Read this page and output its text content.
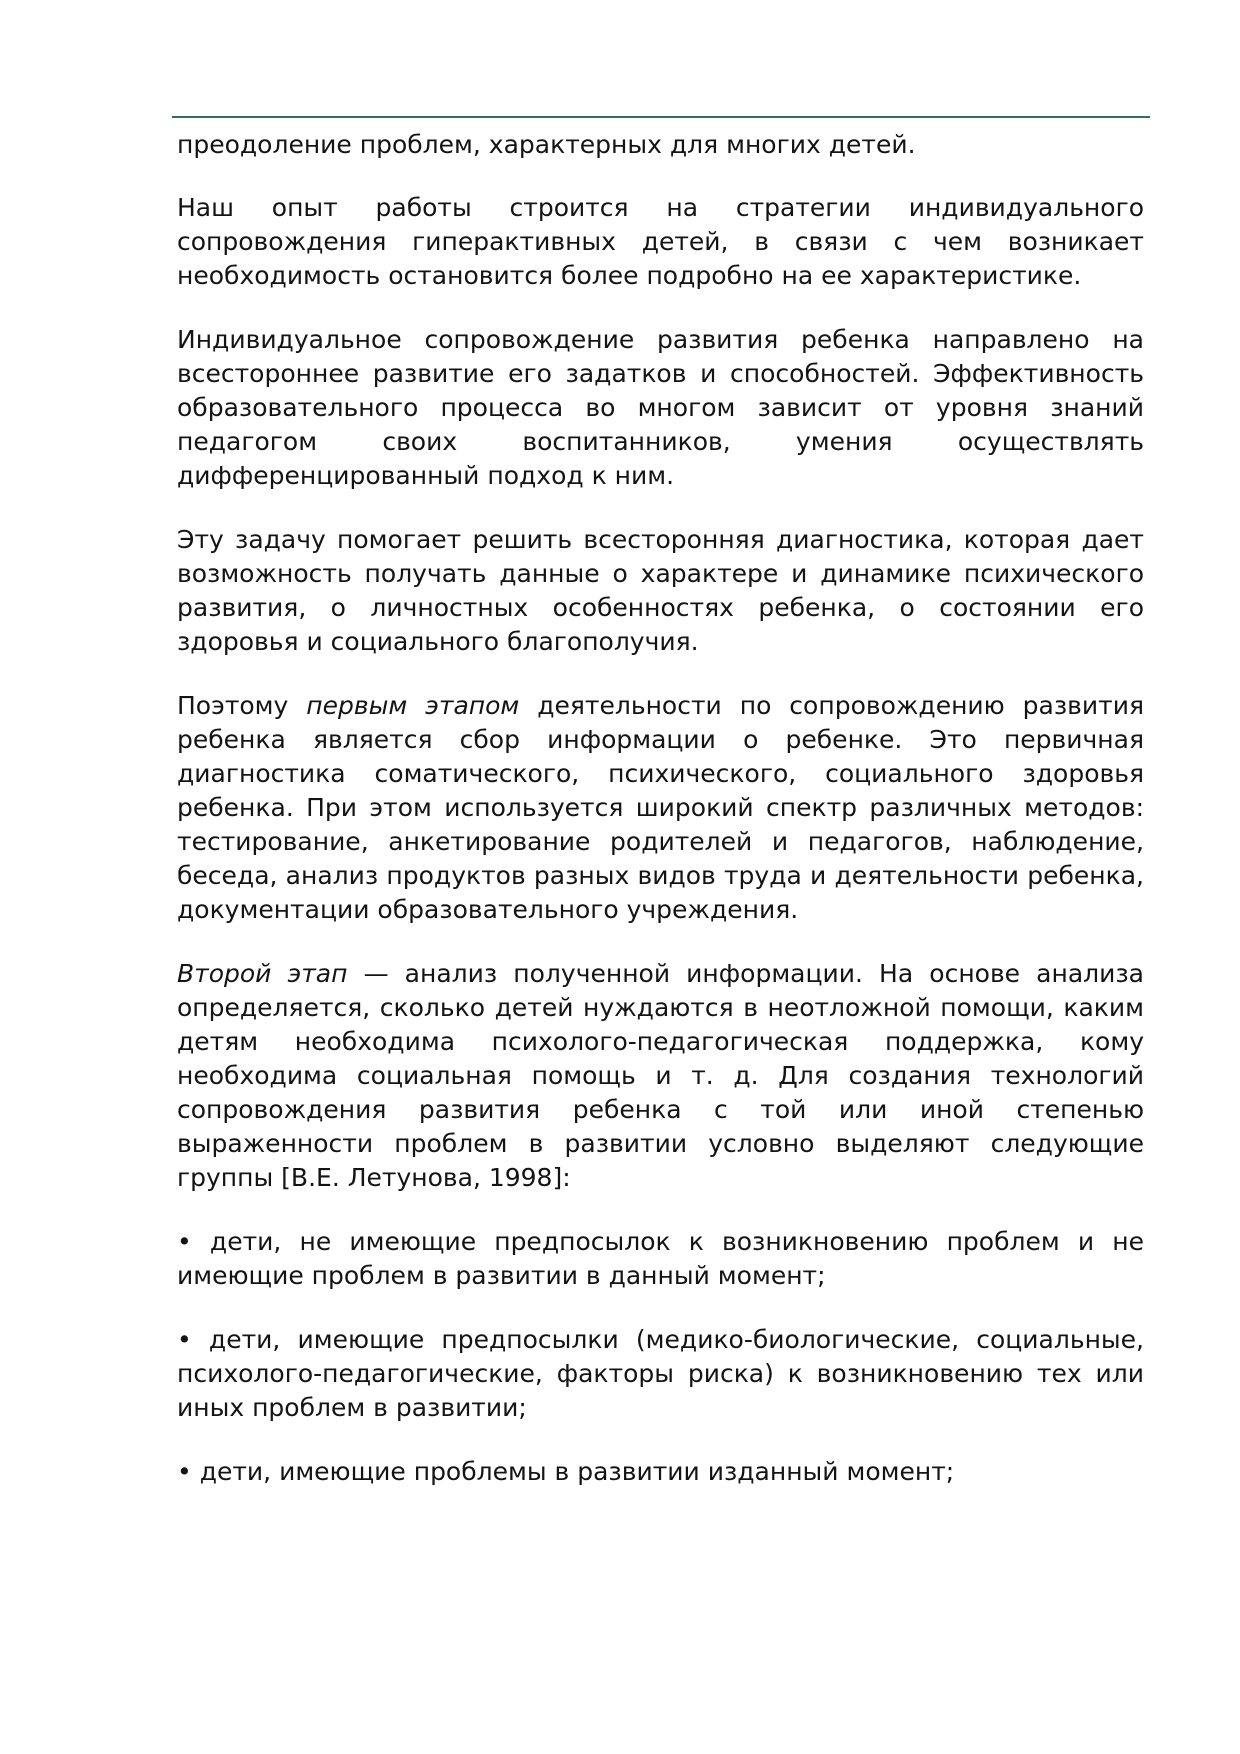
преодоление проблем, характерных для многих детей.

Наш опыт работы строится на стратегии индивидуального сопровождения гиперактивных детей, в связи с чем возникает необходимость остановится более подробно на ее характеристике.

Индивидуальное сопровождение развития ребенка направлено на всестороннее развитие его задатков и способностей. Эффективность образовательного процесса во многом зависит от уровня знаний педагогом своих воспитанников, умения осуществлять дифференцированный подход к ним.

Эту задачу помогает решить всесторонняя диагностика, которая дает возможность получать данные о характере и динамике психического развития, о личностных особенностях ребенка, о состоянии его здоровья и социального благополучия.

Поэтому первым этапом деятельности по сопровождению развития ребенка является сбор информации о ребенке. Это первичная диагностика соматического, психического, социального здоровья ребенка. При этом используется широкий спектр различных методов: тестирование, анкетирование родителей и педагогов, наблюдение, беседа, анализ продуктов разных видов труда и деятельности ребенка, документации образовательного учреждения.

Второй этап — анализ полученной информации. На основе анализа определяется, сколько детей нуждаются в неотложной помощи, каким детям необходима психолого-педагогическая поддержка, кому необходима социальная помощь и т. д. Для создания технологий сопровождения развития ребенка с той или иной степенью выраженности проблем в развитии условно выделяют следующие группы [В.Е. Летунова, 1998]:

• дети, не имеющие предпосылок к возникновению проблем и не имеющие проблем в развитии в данный момент;

• дети, имеющие предпосылки (медико-биологические, социальные, психолого-педагогические, факторы риска) к возникновению тех или иных проблем в развитии;

• дети, имеющие проблемы в развитии изданный момент;
